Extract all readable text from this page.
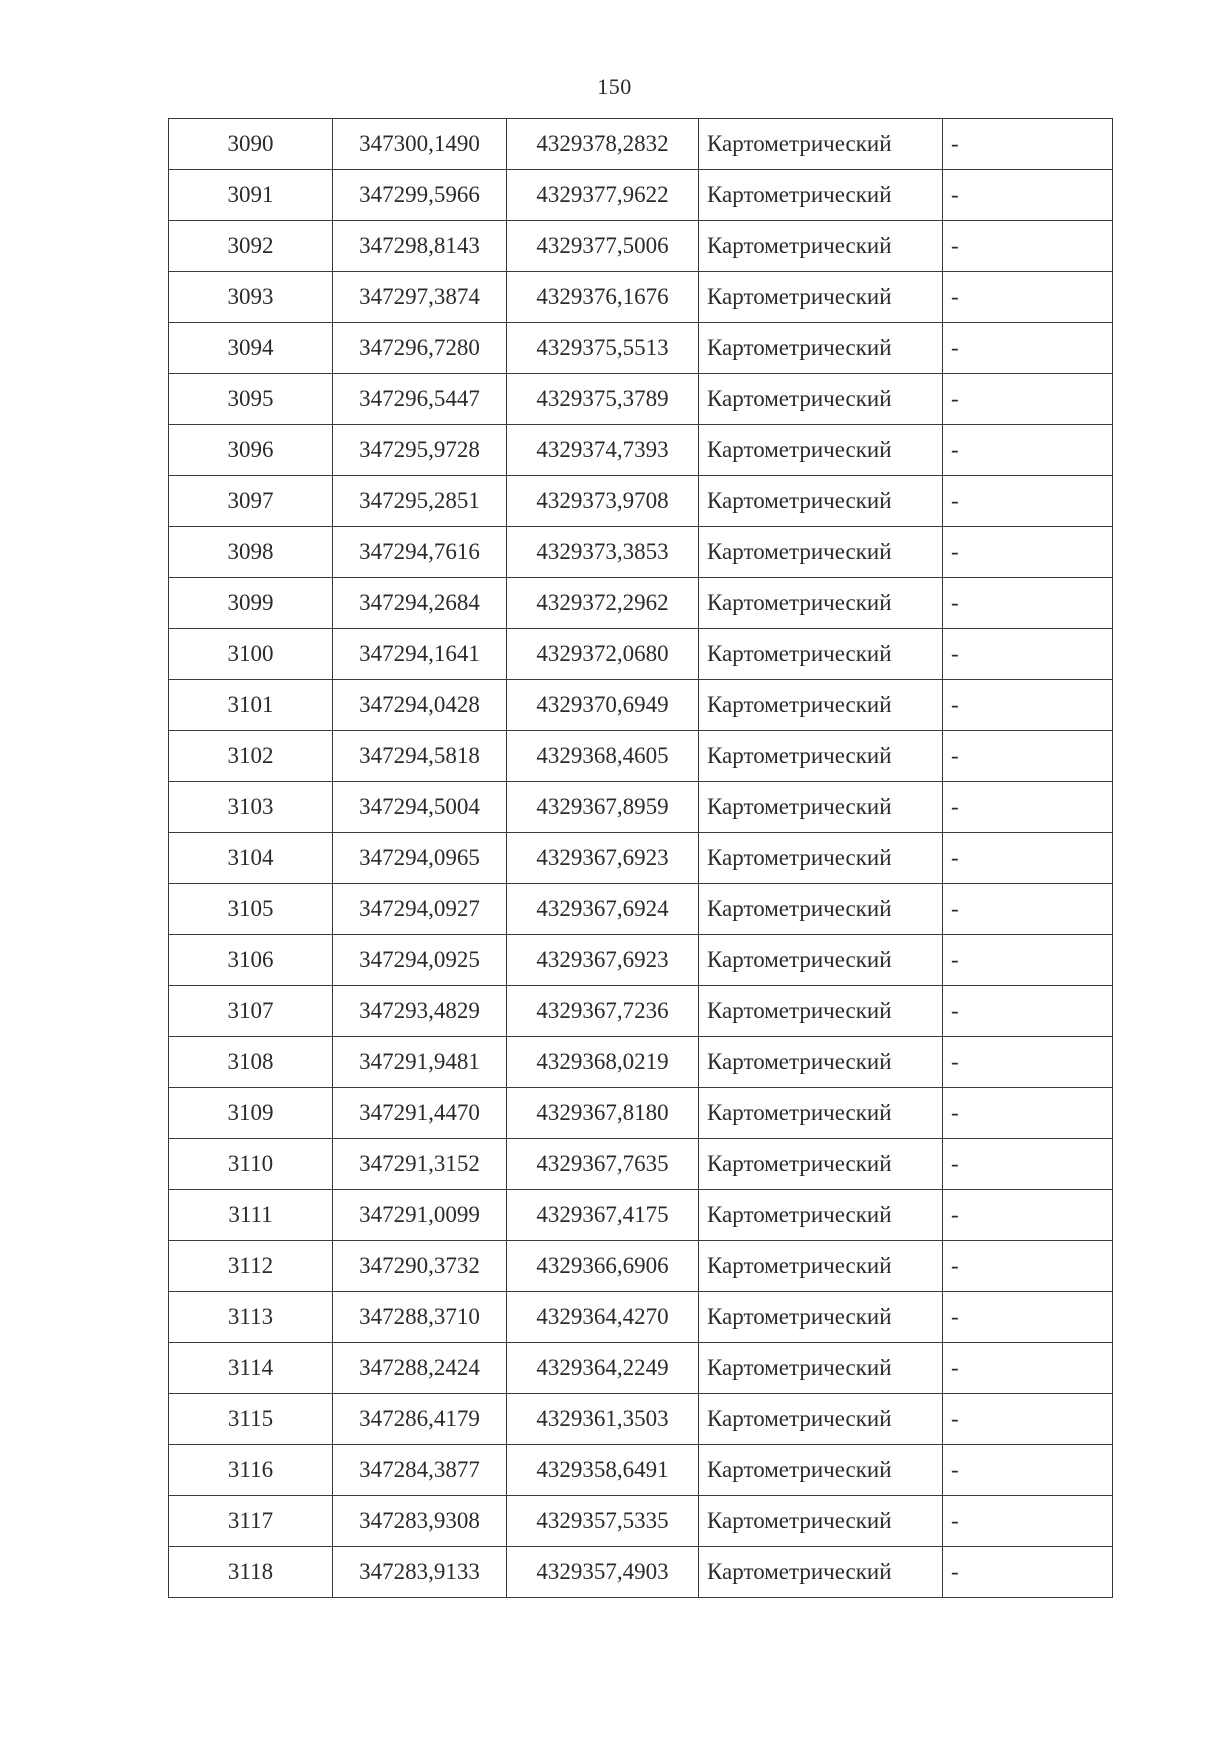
150
3090	347300,1490	4329378,2832	Картометрический	-
3091	347299,5966	4329377,9622	Картометрический	-
3092	347298,8143	4329377,5006	Картометрический	-
3093	347297,3874	4329376,1676	Картометрический	-
3094	347296,7280	4329375,5513	Картометрический	-
3095	347296,5447	4329375,3789	Картометрический	-
3096	347295,9728	4329374,7393	Картометрический	-
3097	347295,2851	4329373,9708	Картометрический	-
3098	347294,7616	4329373,3853	Картометрический	-
3099	347294,2684	4329372,2962	Картометрический	-
3100	347294,1641	4329372,0680	Картометрический	-
3101	347294,0428	4329370,6949	Картометрический	-
3102	347294,5818	4329368,4605	Картометрический	-
3103	347294,5004	4329367,8959	Картометрический	-
3104	347294,0965	4329367,6923	Картометрический	-
3105	347294,0927	4329367,6924	Картометрический	-
3106	347294,0925	4329367,6923	Картометрический	-
3107	347293,4829	4329367,7236	Картометрический	-
3108	347291,9481	4329368,0219	Картометрический	-
3109	347291,4470	4329367,8180	Картометрический	-
3110	347291,3152	4329367,7635	Картометрический	-
3111	347291,0099	4329367,4175	Картометрический	-
3112	347290,3732	4329366,6906	Картометрический	-
3113	347288,3710	4329364,4270	Картометрический	-
3114	347288,2424	4329364,2249	Картометрический	-
3115	347286,4179	4329361,3503	Картометрический	-
3116	347284,3877	4329358,6491	Картометрический	-
3117	347283,9308	4329357,5335	Картометрический	-
3118	347283,9133	4329357,4903	Картометрический	-
